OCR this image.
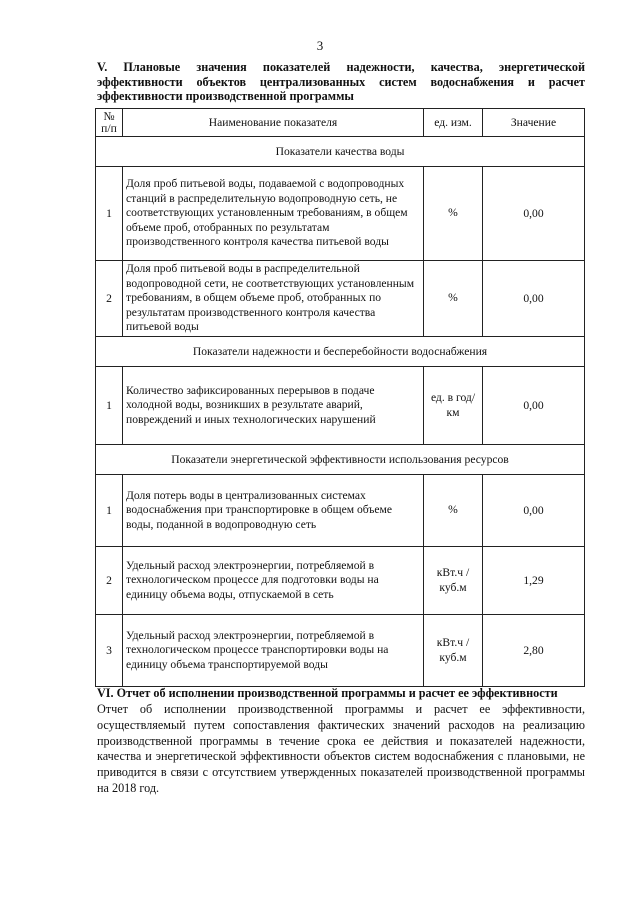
3
V. Плановые значения показателей надежности, качества, энергетической эффективности объектов централизованных систем водоснабжения и расчет эффективности производственной программы
№ п/п	Наименование показателя	ед. изм.	Значение
Показатели качества воды			
1	Доля проб питьевой воды, подаваемой с водопроводных станций в распределительную водопроводную сеть, не соответствующих установленным требованиям, в общем объеме проб, отобранных по результатам производственного контроля качества питьевой воды	%	0,00
2	Доля проб питьевой воды в распределительной водопроводной сети, не соответствующих установленным требованиям, в общем объеме проб, отобранных по результатам производственного контроля качества питьевой воды	%	0,00
Показатели надежности и бесперебойности водоснабжения			
1	Количество зафиксированных перерывов в подаче холодной воды, возникших в результате аварий, повреждений и иных технологических нарушений	ед. в год/ км	0,00
Показатели энергетической эффективности использования ресурсов			
1	Доля потерь воды в централизованных системах водоснабжения при транспортировке в общем объеме воды, поданной в водопроводную сеть	%	0,00
2	Удельный расход электроэнергии, потребляемой в технологическом процессе для подготовки воды на единицу объема воды, отпускаемой в сеть	кВт.ч / куб.м	1,29
3	Удельный расход электроэнергии, потребляемой в технологическом процессе транспортировки воды на единицу объема транспортируемой воды	кВт.ч / куб.м	2,80
VI. Отчет об исполнении производственной программы и расчет ее эффективности
Отчет об исполнении производственной программы и расчет ее эффективности, осуществляемый путем сопоставления фактических значений расходов на реализацию производственной программы в течение срока ее действия и показателей надежности, качества и энергетической эффективности объектов систем водоснабжения с плановыми, не приводится в связи с отсутствием утвержденных показателей производственной программы на 2018 год.
